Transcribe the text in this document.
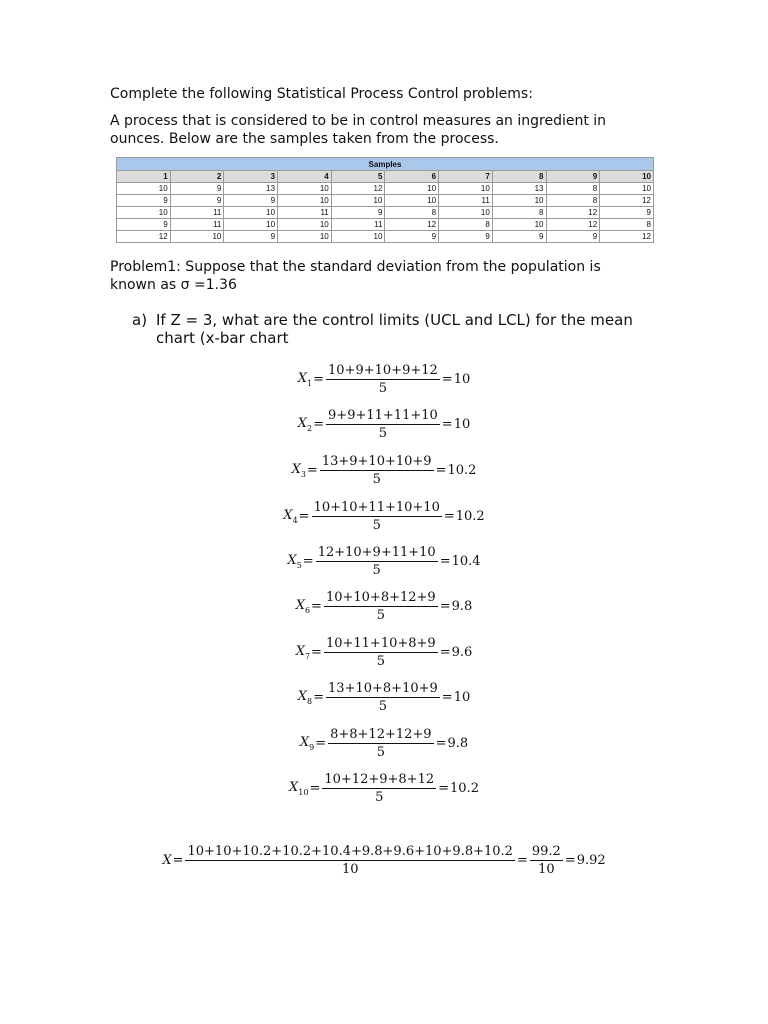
Complete the following Statistical Process Control problems:

A process that is considered to be in control measures an ingredient in ounces. Below are the samples taken from the process.

Samples									
1	2	3	4	5	6	7	8	9	10
10	9	13	10	12	10	10	13	8	10
9	9	9	10	10	10	11	10	8	12
10	11	10	11	9	8	10	8	12	9
9	11	10	10	11	12	8	10	12	8
12	10	9	10	10	9	9	9	9	12

Problem1: Suppose that the standard deviation from the population is known as σ =1.36

a) If Z = 3, what are the control limits (UCL and LCL) for the mean chart (x-bar chart
$X_1 = \frac{10+9+10+9+12}{5} = 10$
$X_2 = \frac{9+9+11+11+10}{5} = 10$
$X_3 = \frac{13+9+10+10+9}{5} = 10.2$
$X_4 = \frac{10+10+11+10+10}{5} = 10.2$
$X_5 = \frac{12+10+9+11+10}{5} = 10.4$
$X_6 = \frac{10+10+8+12+9}{5} = 9.8$
$X_7 = \frac{10+11+10+8+9}{5} = 9.6$
$X_8 = \frac{13+10+8+10+9}{5} = 10$
$X_9 = \frac{8+8+12+12+9}{5} = 9.8$
$X_{10} = \frac{10+12+9+8+12}{5} = 10.2$
$X = \frac{10+10+10.2+10.2+10.4+9.8+9.6+10+9.8+10.2}{10} = \frac{99.2}{10} = 9.92$
